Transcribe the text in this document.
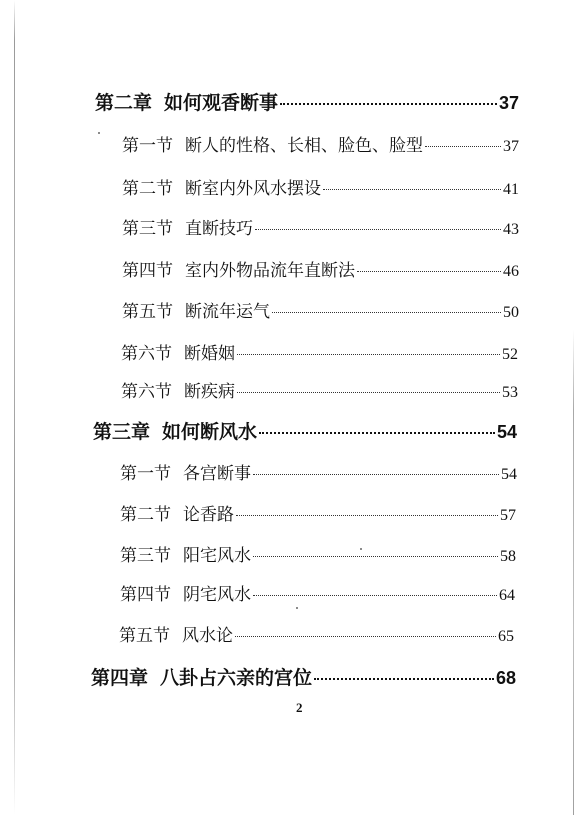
第二章 如何观香断事	37
第一节 断人的性格、长相、脸色、脸型	37
第二节 断室内外风水摆设	41
第三节 直断技巧	43
第四节 室内外物品流年直断法	46
第五节 断流年运气	50
第六节 断婚姻	52
第六节 断疾病	53
第三章 如何断风水	54
第一节 各宫断事	54
第二节 论香路	57
第三节 阳宅风水	58
第四节 阴宅风水	64
第五节 风水论	65
第四章 八卦占六亲的宫位	68
2
